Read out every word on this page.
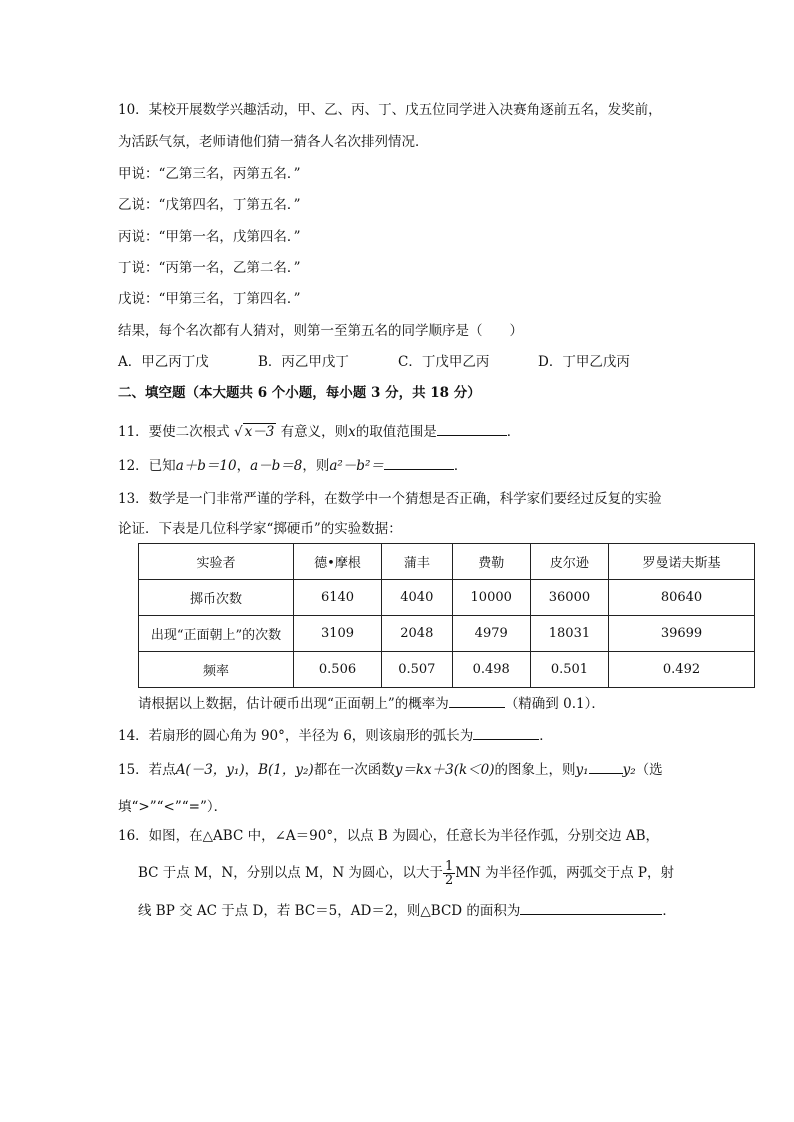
10．某校开展数学兴趣活动，甲、乙、丙、丁、戊五位同学进入决赛角逐前五名，发奖前，
为活跃气氛，老师请他们猜一猜各人名次排列情况．
甲说：“乙第三名，丙第五名．”
乙说：“戊第四名，丁第五名．”
丙说：“甲第一名，戊第四名．”
丁说：“丙第一名，乙第二名．”
戊说：“甲第三名，丁第四名．”
结果，每个名次都有人猜对，则第一至第五名的同学顺序是（　　）
A．甲乙丙丁戊	B．丙乙甲戊丁	C．丁戊甲乙丙	D．丁甲乙戊丙
二、填空题（本大题共 6 个小题，每小题 3 分，共 18 分）
11．要使二次根式 √ x－3 有意义，则x的取值范围是	．
12．已知a＋b＝10，a－b＝8，则a²－b²＝	．
13．数学是一门非常严谨的学科，在数学中一个猜想是否正确，科学家们要经过反复的实验
论证．下表是几位科学家“掷硬币”的实验数据：
实验者	德•摩根	蒲丰	费勒	皮尔逊	罗曼诺夫斯基
掷币次数	6140	4040	10000	36000	80640
出现“正面朝上”的次数	3109	2048	4979	18031	39699
频率	0.506	0.507	0.498	0.501	0.492
请根据以上数据，估计硬币出现“正面朝上”的概率为	（精确到 0.1）．
14．若扇形的圆心角为 90°，半径为 6，则该扇形的弧长为	．
15．若点A(－3，y₁)，B(1，y₂)都在一次函数y＝kx＋3(k＜0)的图象上，则y₁	y₂（选
填“>”“<”“=”）．
16．如图，在△ABC 中，∠A＝90°，以点 B 为圆心，任意长为半径作弧，分别交边 AB，
BC 于点 M，N，分别以点 M，N 为圆心，以大于 $\frac{1}{2}$ MN 为半径作弧，两弧交于点 P，射
线 BP 交 AC 于点 D，若 BC＝5，AD＝2，则△BCD 的面积为	．
